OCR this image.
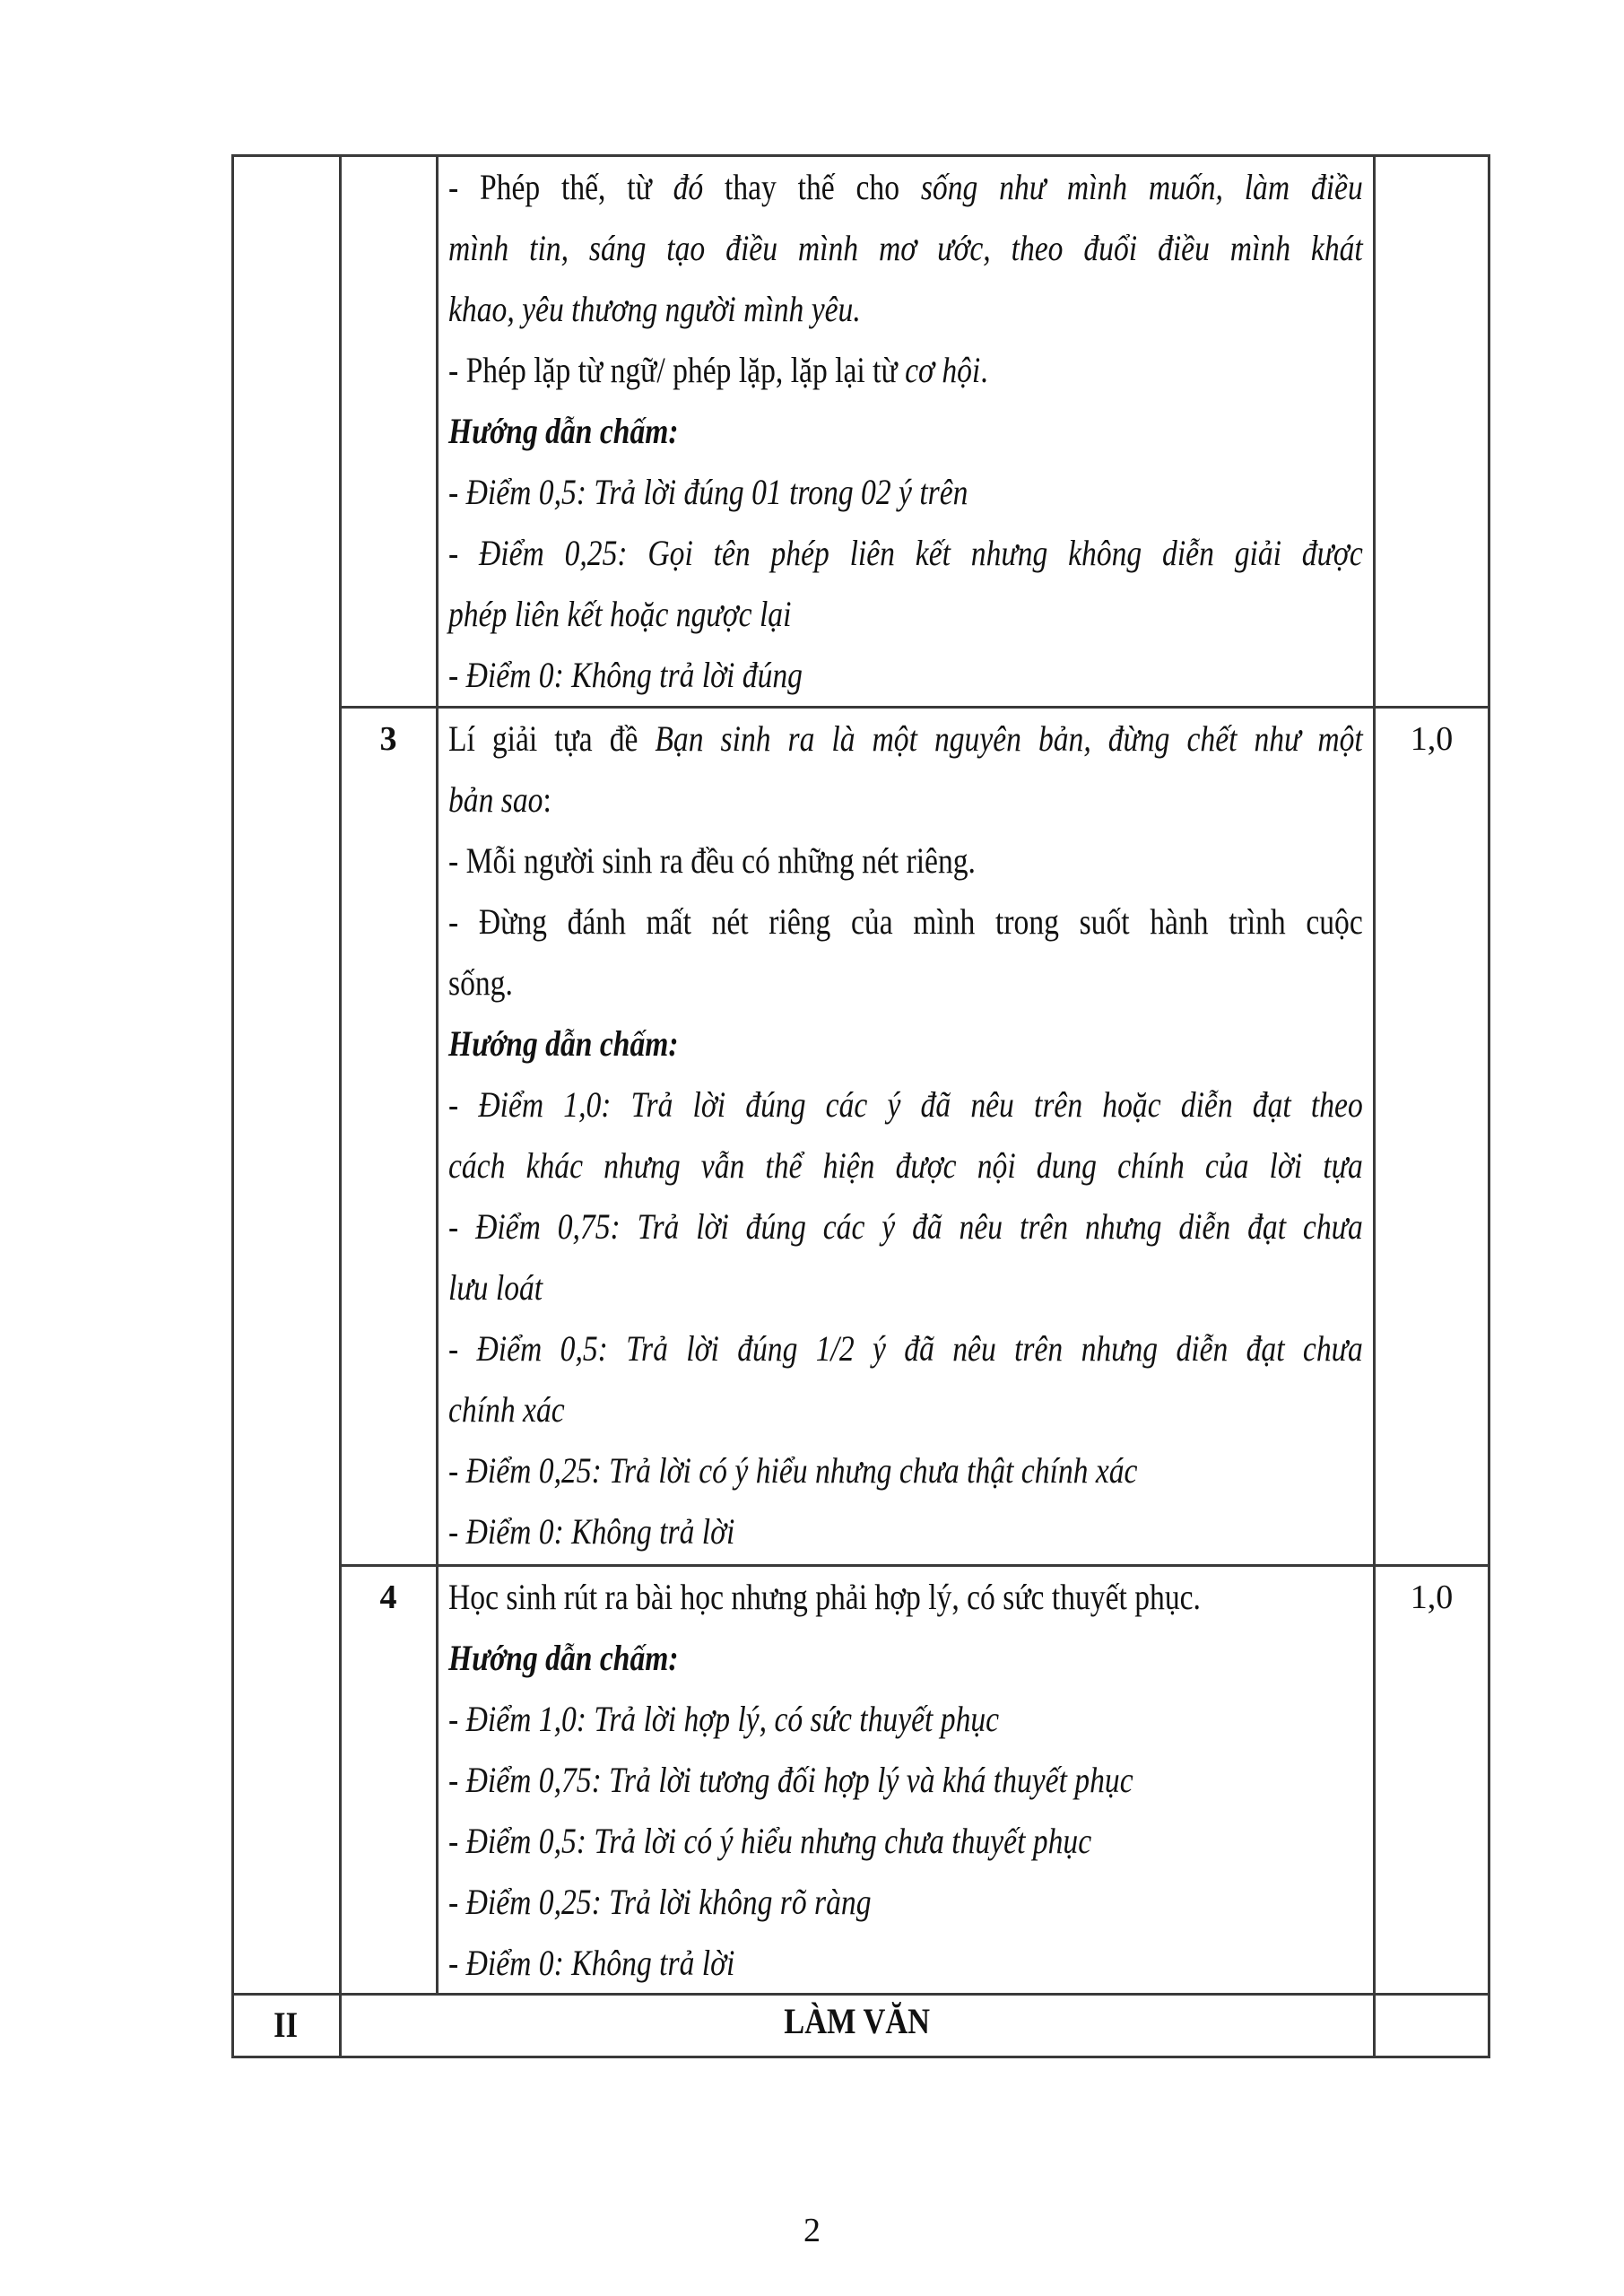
- Phép thế, từ đó thay thế cho sống như mình muốn, làm điều
mình tin, sáng tạo điều mình mơ ước, theo đuổi điều mình khát
khao, yêu thương người mình yêu.
- Phép lặp từ ngữ/ phép lặp, lặp lại từ cơ hội.
Hướng dẫn chấm:
- Điểm 0,5: Trả lời đúng 01 trong 02 ý trên
- Điểm 0,25: Gọi tên phép liên kết nhưng không diễn giải được
phép liên kết hoặc ngược lại
- Điểm 0: Không trả lời đúng
3	Lí giải tựa đề Bạn sinh ra là một nguyên bản, đừng chết như một
bản sao:
- Mỗi người sinh ra đều có những nét riêng.
- Đừng đánh mất nét riêng của mình trong suốt hành trình cuộc
sống.
Hướng dẫn chấm:
- Điểm 1,0: Trả lời đúng các ý đã nêu trên hoặc diễn đạt theo
cách khác nhưng vẫn thể hiện được nội dung chính của lời tựa
- Điểm 0,75: Trả lời đúng các ý đã nêu trên nhưng diễn đạt chưa
lưu loát
- Điểm 0,5: Trả lời đúng 1/2 ý đã nêu trên nhưng diễn đạt chưa
chính xác
- Điểm 0,25: Trả lời có ý hiểu nhưng chưa thật chính xác
- Điểm 0: Không trả lời
1,0
4	Học sinh rút ra bài học nhưng phải hợp lý, có sức thuyết phục.
Hướng dẫn chấm:
- Điểm 1,0: Trả lời hợp lý, có sức thuyết phục
- Điểm 0,75: Trả lời tương đối hợp lý và khá thuyết phục
- Điểm 0,5: Trả lời có ý hiểu nhưng chưa thuyết phục
- Điểm 0,25: Trả lời không rõ ràng
- Điểm 0: Không trả lời
1,0
II	LÀM VĂN
2
